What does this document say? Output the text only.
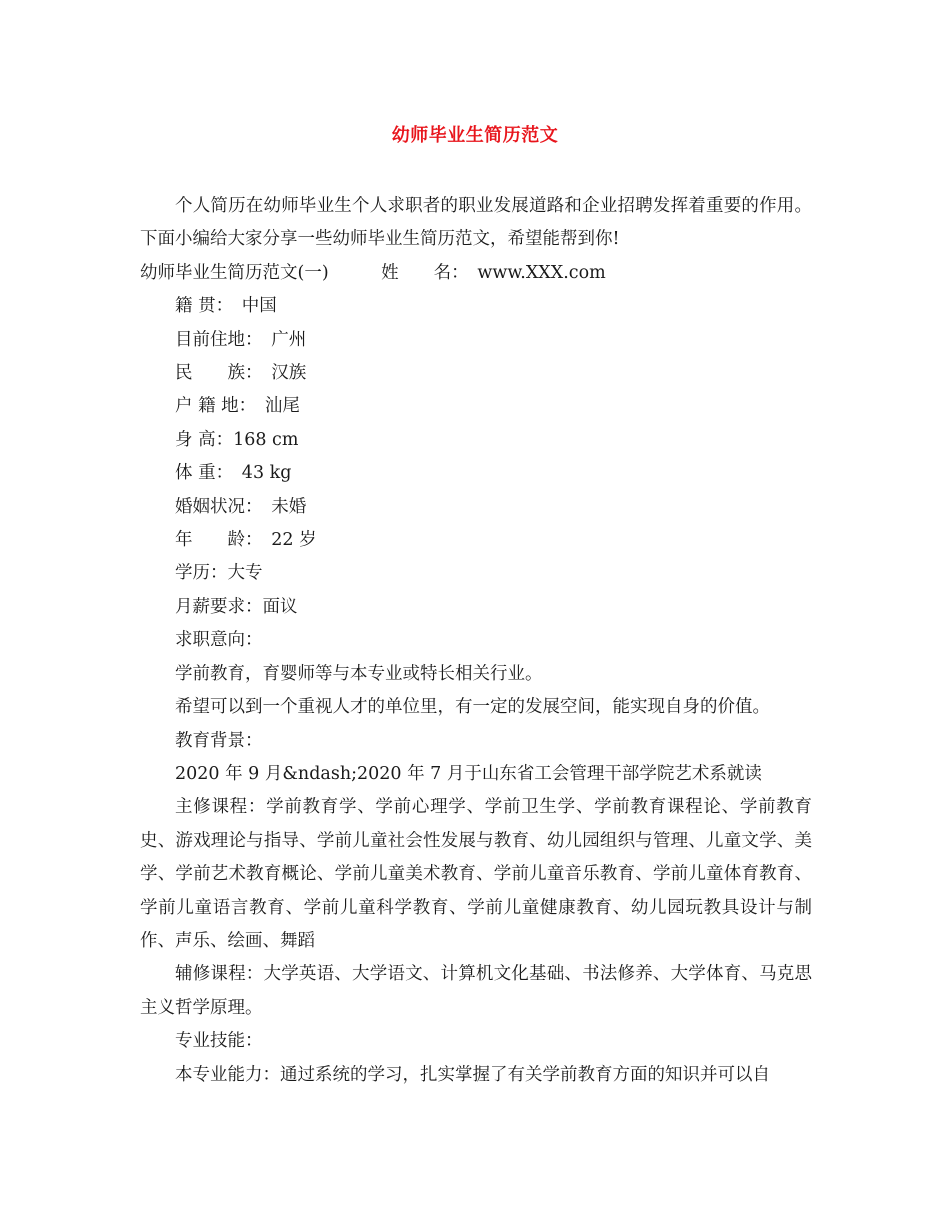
幼师毕业生简历范文

个人简历在幼师毕业生个人求职者的职业发展道路和企业招聘发挥着重要的作用。下面小编给大家分享一些幼师毕业生简历范文，希望能帮到你!

幼师毕业生简历范文(一)　　　姓　　名：　www.XXX.com

籍 贯：　中国

目前住地：　广州

民　　族：　汉族

户 籍 地：　汕尾

身 高：168 cm

体 重：　43 kg

婚姻状况：　未婚

年　　龄：　22 岁

学历：大专

月薪要求：面议

求职意向：

学前教育，育婴师等与本专业或特长相关行业。

希望可以到一个重视人才的单位里，有一定的发展空间，能实现自身的价值。

教育背景：

2020 年 9 月&ndash;2020 年 7 月于山东省工会管理干部学院艺术系就读

主修课程：学前教育学、学前心理学、学前卫生学、学前教育课程论、学前教育史、游戏理论与指导、学前儿童社会性发展与教育、幼儿园组织与管理、儿童文学、美学、学前艺术教育概论、学前儿童美术教育、学前儿童音乐教育、学前儿童体育教育、学前儿童语言教育、学前儿童科学教育、学前儿童健康教育、幼儿园玩教具设计与制作、声乐、绘画、舞蹈

辅修课程：大学英语、大学语文、计算机文化基础、书法修养、大学体育、马克思主义哲学原理。

专业技能：

本专业能力：通过系统的学习，扎实掌握了有关学前教育方面的知识并可以自
